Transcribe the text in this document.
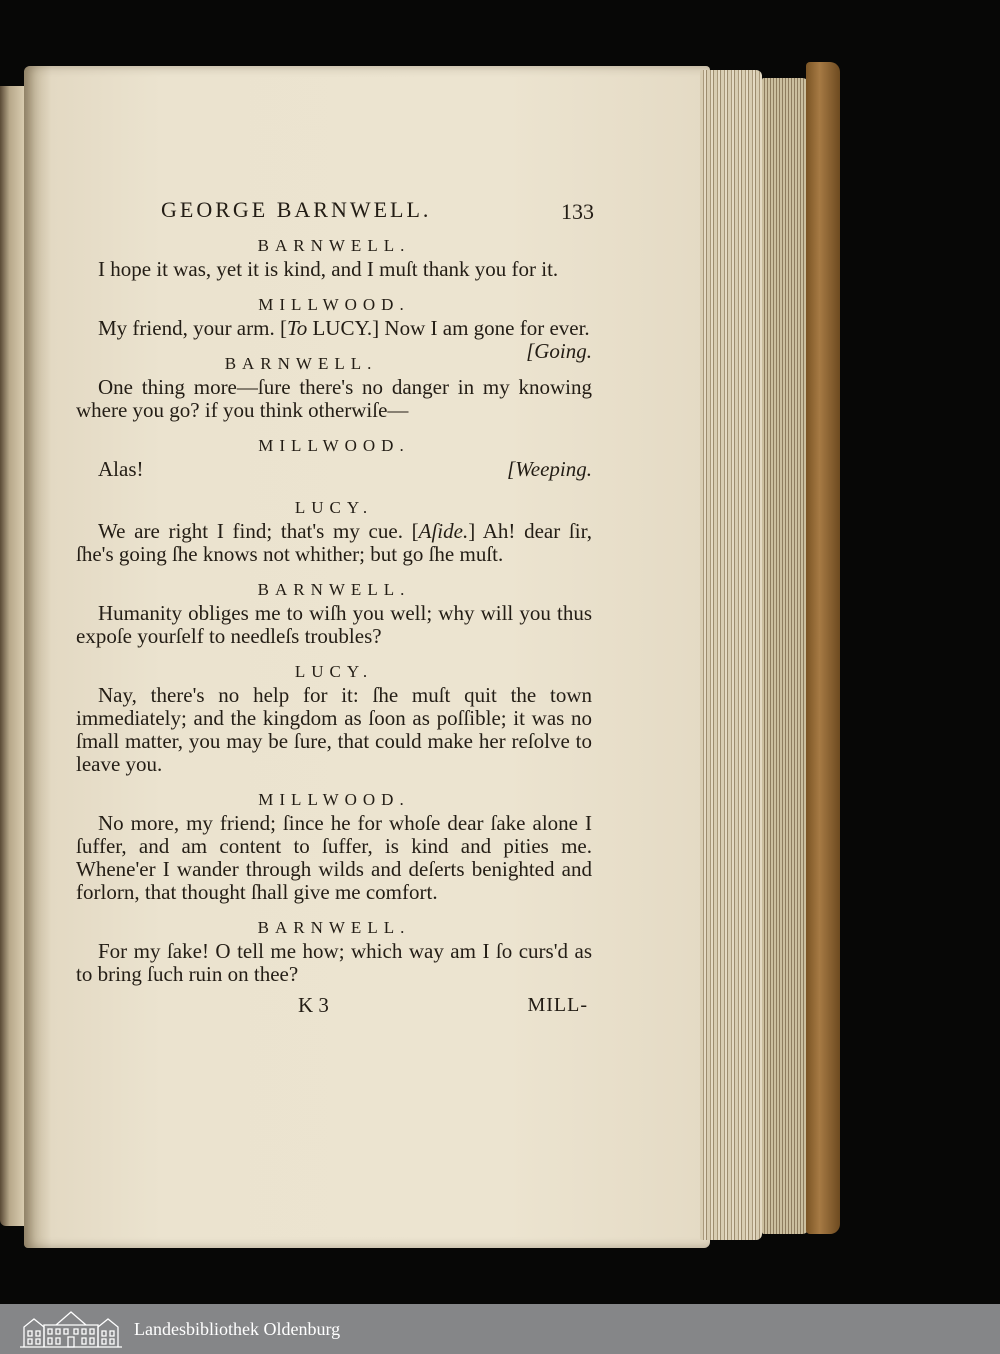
GEORGE BARNWELL.	133
BARNWELL.
I hope it was, yet it is kind, and I muſt thank you for it.
MILLWOOD.
My friend, your arm. [To LUCY.] Now I am gone for ever.
[Going.
BARNWELL.
One thing more—ſure there's no danger in my knowing where you go? if you think otherwiſe—
MILLWOOD.
Alas!	[Weeping.
LUCY.
We are right I find; that's my cue. [Aſide.] Ah! dear ſir, ſhe's going ſhe knows not whither; but go ſhe muſt.
BARNWELL.
Humanity obliges me to wiſh you well; why will you thus expoſe yourſelf to needleſs troubles?
LUCY.
Nay, there's no help for it: ſhe muſt quit the town immediately; and the kingdom as ſoon as poſſible; it was no ſmall matter, you may be ſure, that could make her reſolve to leave you.
MILLWOOD.
No more, my friend; ſince he for whoſe dear ſake alone I ſuffer, and am content to ſuffer, is kind and pities me. Whene'er I wander through wilds and deſerts benighted and forlorn, that thought ſhall give me comfort.
BARNWELL.
For my ſake! O tell me how; which way am I ſo curs'd as to bring ſuch ruin on thee?
K 3	MILL-
Landesbibliothek Oldenburg
